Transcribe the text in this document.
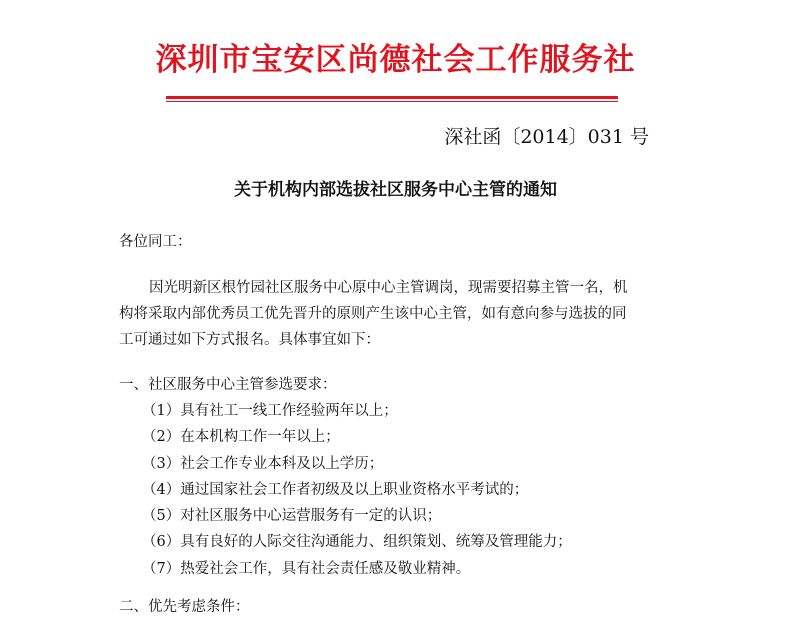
深圳市宝安区尚德社会工作服务社
深社函〔2014〕031 号
关于机构内部选拔社区服务中心主管的通知
各位同工：
因光明新区根竹园社区服务中心原中心主管调岗，现需要招募主管一名，机
构将采取内部优秀员工优先晋升的原则产生该中心主管，如有意向参与选拔的同
工可通过如下方式报名。具体事宜如下：
一、社区服务中心主管参选要求：
（1）具有社工一线工作经验两年以上；
（2）在本机构工作一年以上；
（3）社会工作专业本科及以上学历；
（4）通过国家社会工作者初级及以上职业资格水平考试的；
（5）对社区服务中心运营服务有一定的认识；
（6）具有良好的人际交往沟通能力、组织策划、统筹及管理能力；
（7）热爱社会工作，具有社会责任感及敬业精神。
二、优先考虑条件：
